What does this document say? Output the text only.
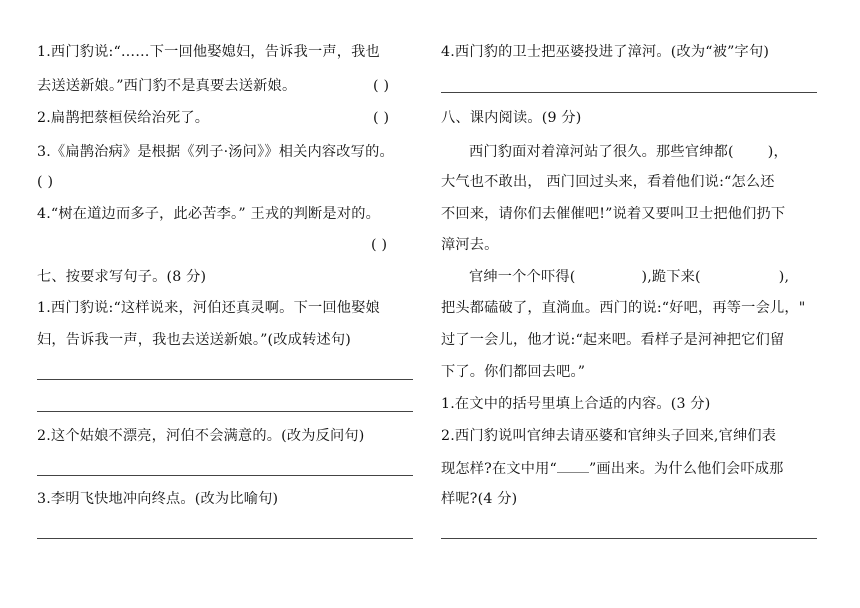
1.西门豹说:“……下一回他娶媳妇，告诉我一声，我也
去送送新娘。”西门豹不是真要去送新娘。	( )
2.扁鹊把蔡桓侯给治死了。	( )
3.《扁鹊治病》是根据《列子·汤问》》相关内容改写的。
( )
4.“树在道边而多子，此必苦李。” 王戎的判断是对的。
( )
七、按要求写句子。(8 分)
1.西门豹说:“这样说来，河伯还真灵啊。下一回他娶娘
妇，告诉我一声，我也去送送新娘。”(改成转述句)
2.这个姑娘不漂亮，河伯不会满意的。(改为反问句)
3.李明飞快地冲向终点。(改为比喻句)
4.西门豹的卫士把巫婆投进了漳河。(改为“被”字句)
八、课内阅读。(9 分)
西门豹面对着漳河站了很久。那些官绅都( )，
大气也不敢出， 西门回过头来，看着他们说:“怎么还
不回来，请你们去催催吧!”说着又要叫卫士把他们扔下
漳河去。
官绅一个个吓得(	),跪下来(	),
把头都磕破了，直淌血。西门的说:“好吧，再等一会儿，"
过了一会儿，他才说:“起来吧。看样子是河神把它们留
下了。你们都回去吧。”
1.在文中的括号里填上合适的内容。(3 分)
2.西门豹说叫官绅去请巫婆和官绅头子回来,官绅们表
现怎样?在文中用“ ”画出来。为什么他们会吓成那
样呢?(4 分)
